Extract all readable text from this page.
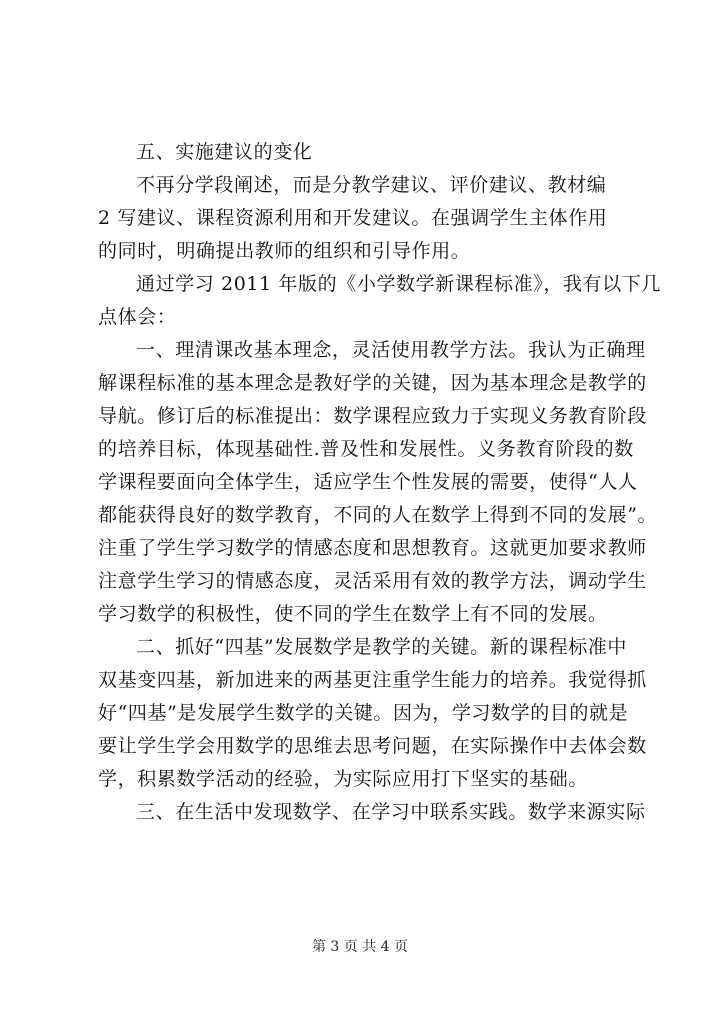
五、实施建议的变化
不再分学段阐述，而是分教学建议、评价建议、教材编
2 写建议、课程资源利用和开发建议。在强调学生主体作用
的同时，明确提出教师的组织和引导作用。
通过学习 2011 年版的《小学数学新课程标准》，我有以下几
点体会：
一、理清课改基本理念，灵活使用教学方法。我认为正确理
解课程标准的基本理念是教好学的关键，因为基本理念是教学的
导航。修订后的标准提出：数学课程应致力于实现义务教育阶段
的培养目标，体现基础性.普及性和发展性。义务教育阶段的数
学课程要面向全体学生，适应学生个性发展的需要，使得“人人
都能获得良好的数学教育，不同的人在数学上得到不同的发展”。
注重了学生学习数学的情感态度和思想教育。这就更加要求教师
注意学生学习的情感态度，灵活采用有效的教学方法，调动学生
学习数学的积极性，使不同的学生在数学上有不同的发展。
二、抓好“四基”发展数学是教学的关键。新的课程标准中
双基变四基，新加进来的两基更注重学生能力的培养。我觉得抓
好“四基”是发展学生数学的关键。因为，学习数学的目的就是
要让学生学会用数学的思维去思考问题，在实际操作中去体会数
学，积累数学活动的经验，为实际应用打下坚实的基础。
三、在生活中发现数学、在学习中联系实践。数学来源实际
第 3 页 共 4 页
